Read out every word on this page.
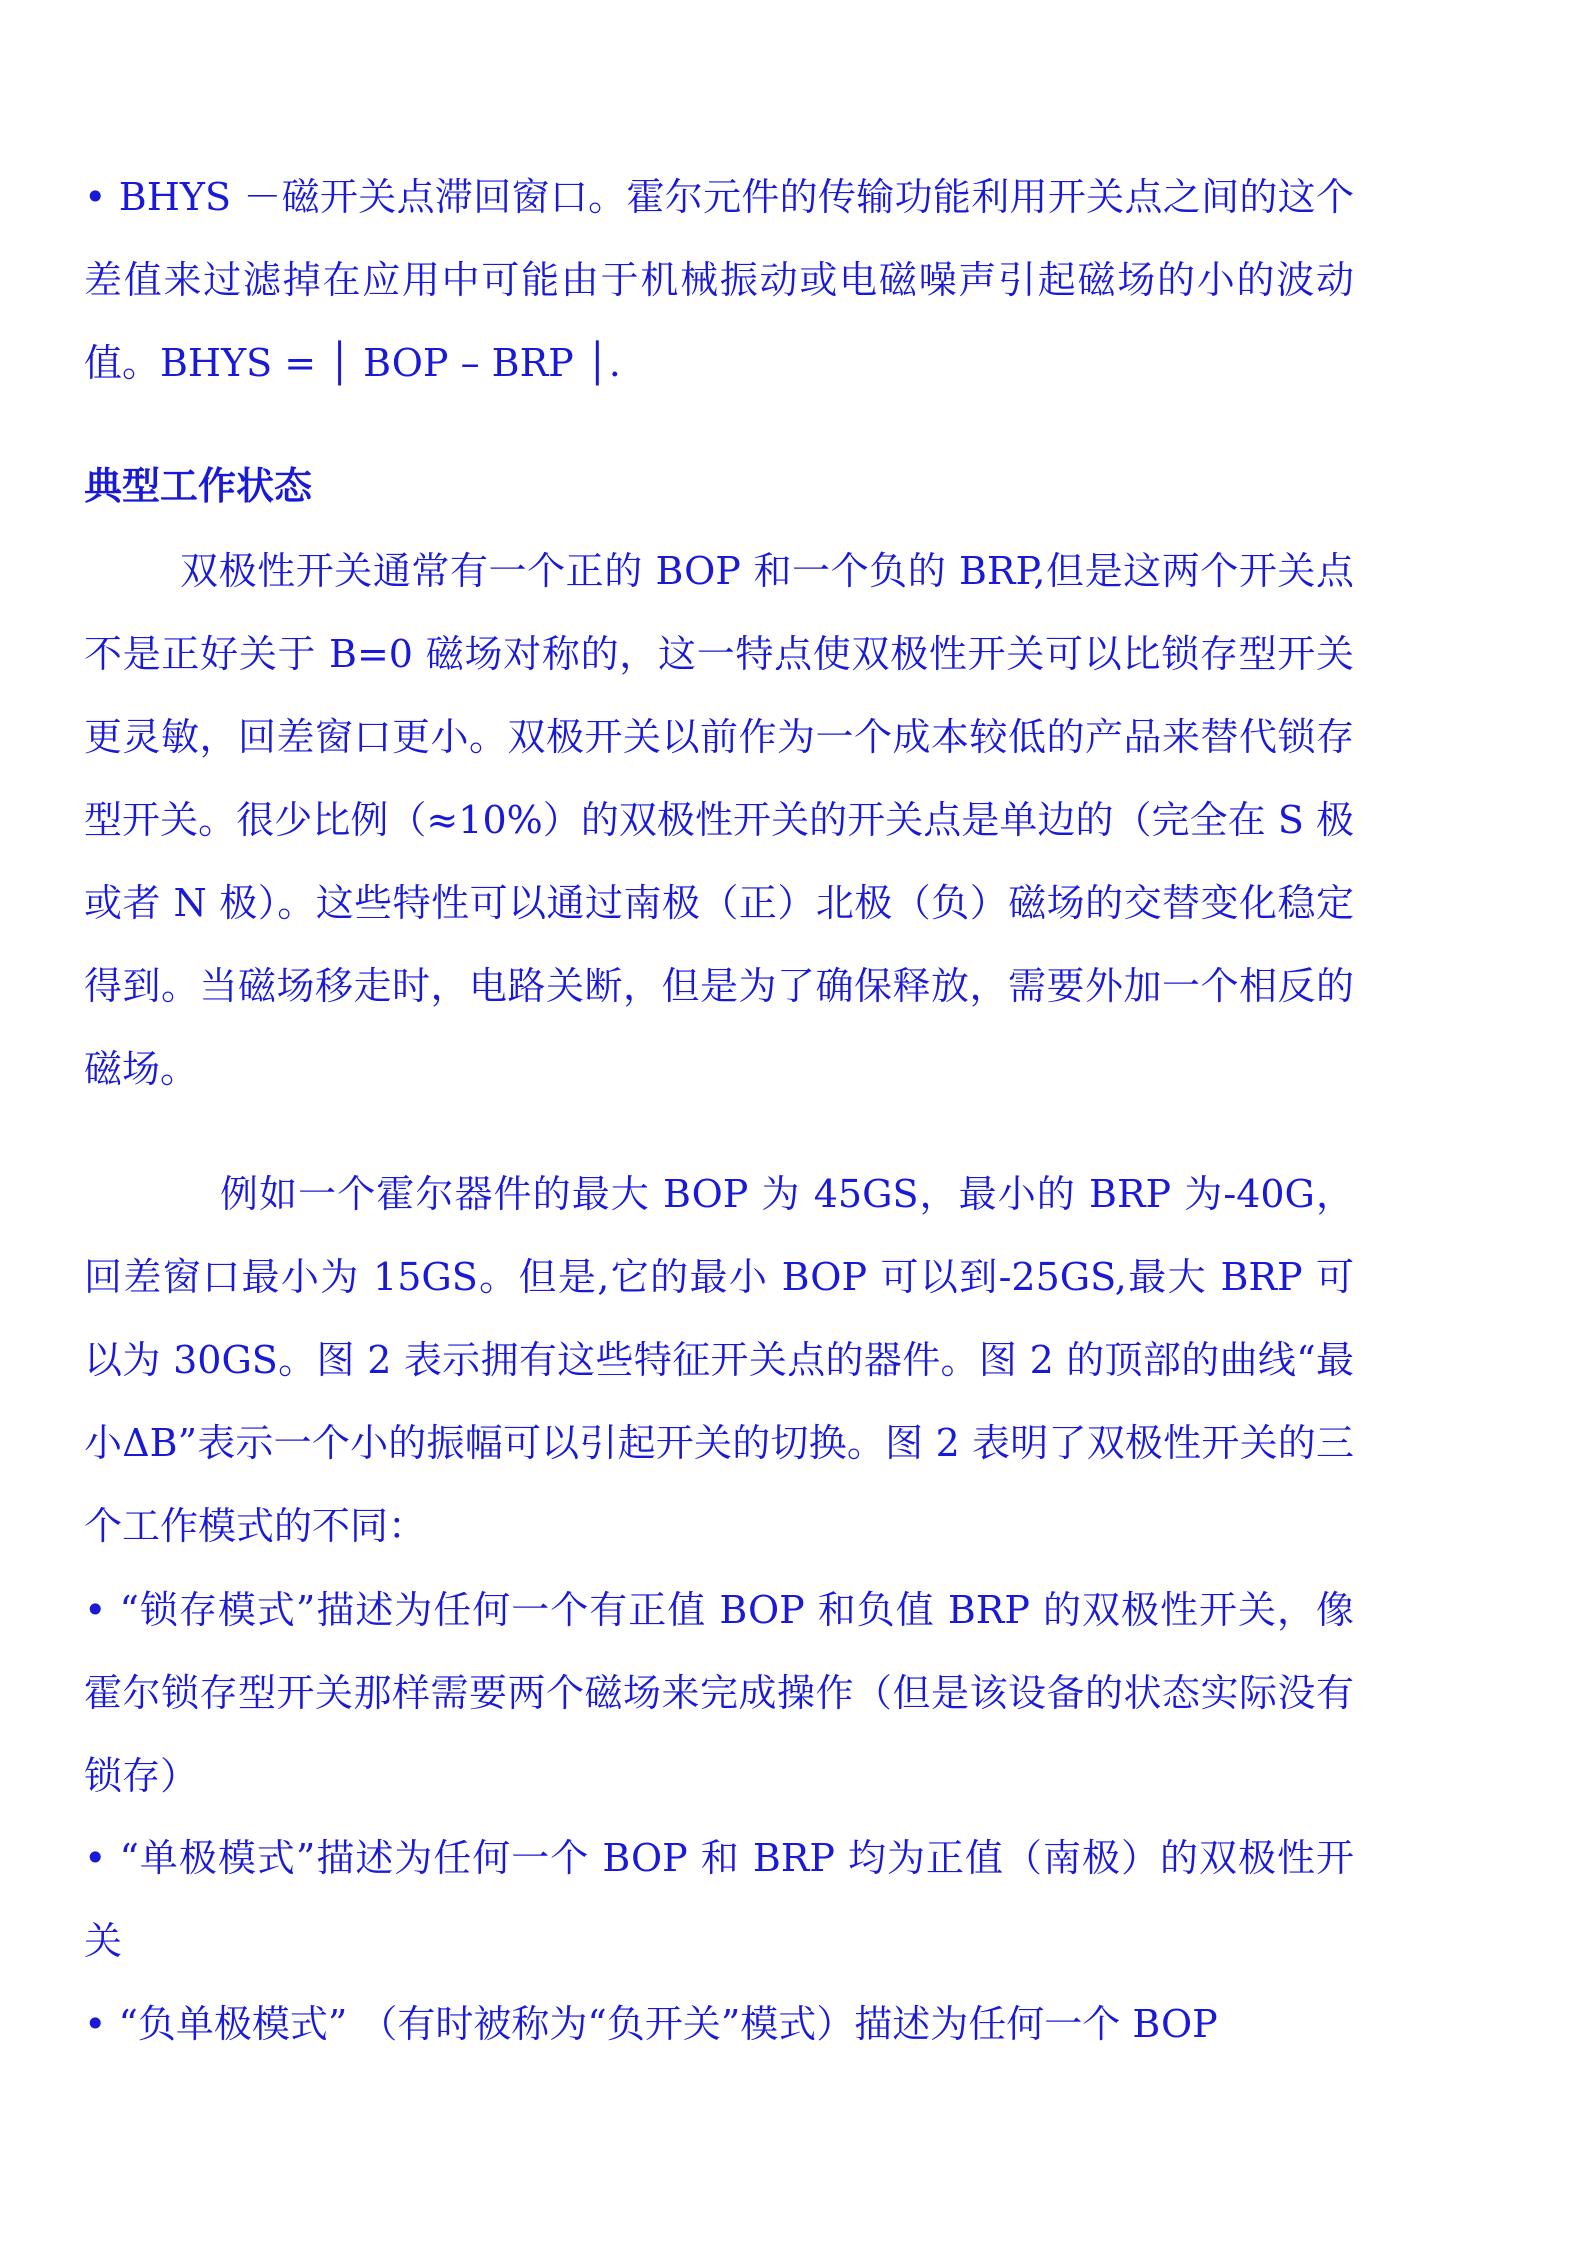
• BHYS －磁开关点滞回窗口。霍尔元件的传输功能利用开关点之间的这个差值来过滤掉在应用中可能由于机械振动或电磁噪声引起磁场的小的波动值。BHYS = │ BOP – BRP │.

典型工作状态

双极性开关通常有一个正的 BOP 和一个负的 BRP,但是这两个开关点不是正好关于 B=0 磁场对称的，这一特点使双极性开关可以比锁存型开关更灵敏，回差窗口更小。双极开关以前作为一个成本较低的产品来替代锁存型开关。很少比例（≈10%）的双极性开关的开关点是单边的（完全在 S 极或者 N 极）。这些特性可以通过南极（正）北极（负）磁场的交替变化稳定得到。当磁场移走时，电路关断，但是为了确保释放，需要外加一个相反的磁场。

例如一个霍尔器件的最大 BOP 为 45GS，最小的 BRP 为-40G，回差窗口最小为 15GS。但是,它的最小 BOP 可以到-25GS,最大 BRP 可以为 30GS。图 2 表示拥有这些特征开关点的器件。图 2 的顶部的曲线“最小ΔB”表示一个小的振幅可以引起开关的切换。图 2 表明了双极性开关的三个工作模式的不同：

• “锁存模式”描述为任何一个有正值 BOP 和负值 BRP 的双极性开关，像霍尔锁存型开关那样需要两个磁场来完成操作（但是该设备的状态实际没有锁存）

• “单极模式”描述为任何一个 BOP 和 BRP 均为正值（南极）的双极性开关

• “负单极模式” （有时被称为“负开关”模式）描述为任何一个 BOP
